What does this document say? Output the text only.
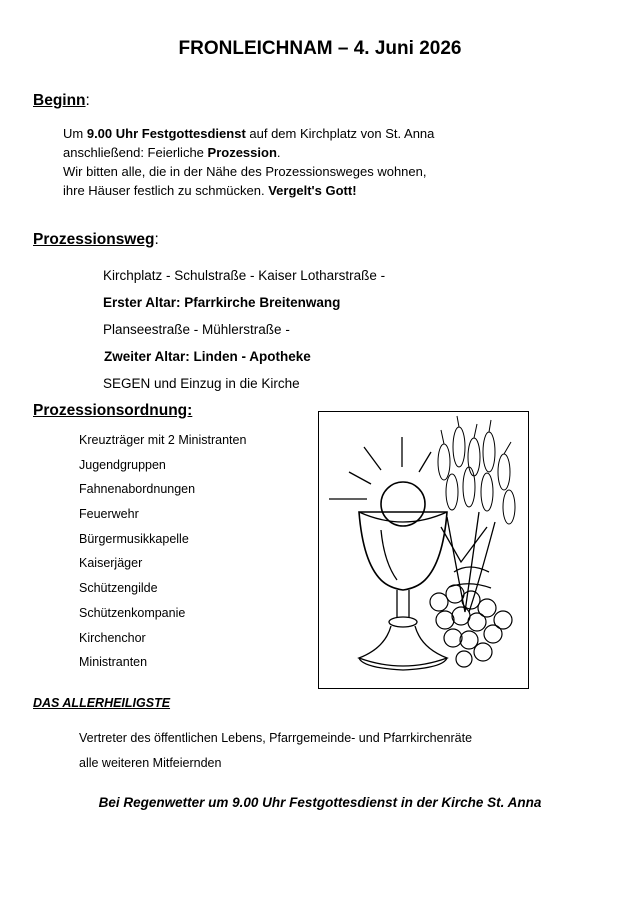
FRONLEICHNAM – 4. Juni 2026
Beginn:
Um 9.00 Uhr Festgottesdienst auf dem Kirchplatz von St. Anna
anschließend: Feierliche Prozession.
Wir bitten alle, die in der Nähe des Prozessionsweges wohnen,
ihre Häuser festlich zu schmücken. Vergelt's Gott!
Prozessionsweg:
Kirchplatz - Schulstraße - Kaiser Lotharstraße -
Erster Altar: Pfarrkirche Breitenwang
Planseestraße - Mühlerstraße -
Zweiter Altar: Linden - Apotheke
SEGEN und Einzug in die Kirche
Prozessionsordnung:
Kreuzträger mit 2 Ministranten
Jugendgruppen
Fahnenabordnungen
Feuerwehr
Bürgermusikkapelle
Kaiserjäger
Schützengilde
Schützenkompanie
Kirchenchor
Ministranten
DAS ALLERHEILIGSTE
Vertreter des öffentlichen Lebens, Pfarrgemeinde- und Pfarrkirchenräte
alle weiteren Mitfeiernden
Bei Regenwetter um 9.00 Uhr Festgottesdienst in der Kirche St. Anna
